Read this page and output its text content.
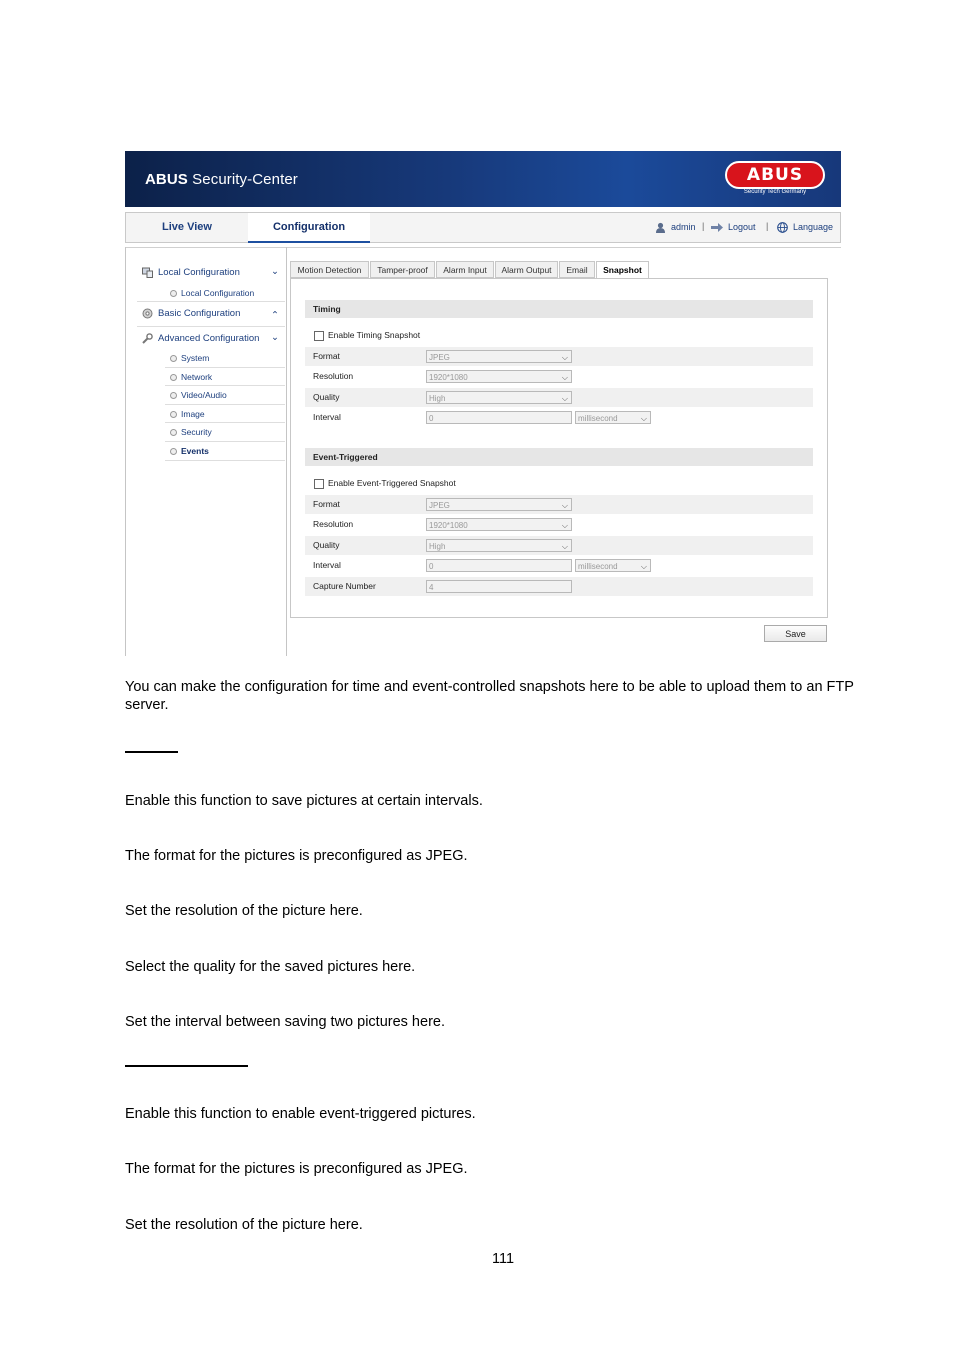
ABUS Security-Center	ABUS
Security Tech Germany
Live View	Configuration	admin |	Logout |	Language
Local Configuration	⌄
Local Configuration
Basic Configuration	⌃
Advanced Configuration ⌄
System
Network
Video/Audio
Image
Security
Events
Motion Detection	Tamper-proof	Alarm Input	Alarm Output	Email	Snapshot
Timing
Enable Timing Snapshot
Format	JPEG	⌵
Resolution	1920*1080	⌵
Quality	High	⌵
Interval	0	millisecond	⌵
Event-Triggered
Enable Event-Triggered Snapshot
Format	JPEG	⌵
Resolution	1920*1080	⌵
Quality	High	⌵
Interval	0	millisecond	⌵
Capture Number	4
Save
You can make the configuration for time and event-controlled snapshots here to be able to upload them to an FTP server.
Enable this function to save pictures at certain intervals.
The format for the pictures is preconfigured as JPEG.
Set the resolution of the picture here.
Select the quality for the saved pictures here.
Set the interval between saving two pictures here.
Enable this function to enable event-triggered pictures.
The format for the pictures is preconfigured as JPEG.
Set the resolution of the picture here.
111
